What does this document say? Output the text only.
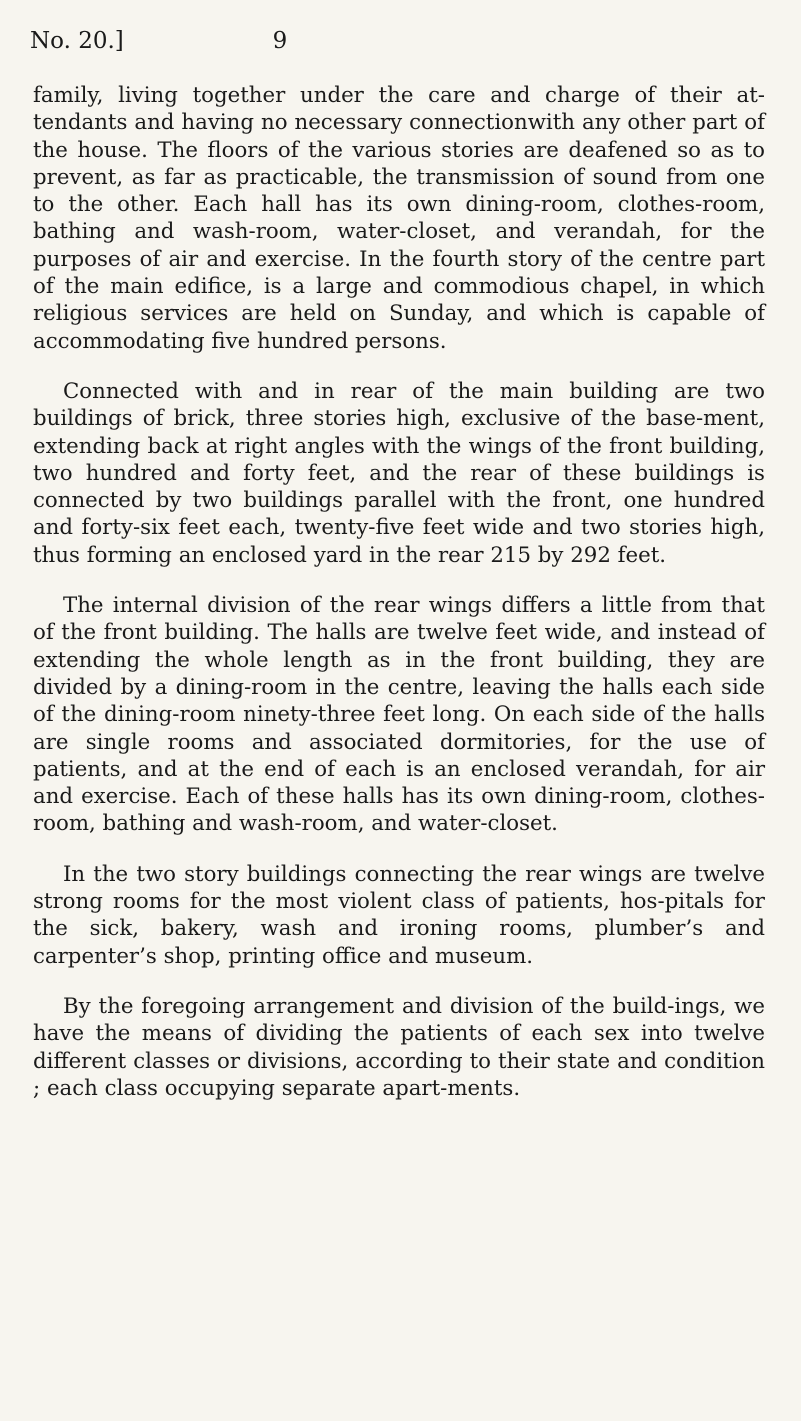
No. 20.]	9

family, living together under the care and charge of their at-tendants and having no necessary connectionwith any other part of the house. The floors of the various stories are deafened so as to prevent, as far as practicable, the transmission of sound from one to the other. Each hall has its own dining-room, clothes-room, bathing and wash-room, water-closet, and verandah, for the purposes of air and exercise. In the fourth story of the centre part of the main edifice, is a large and commodious chapel, in which religious services are held on Sunday, and which is capable of accommodating five hundred persons.

Connected with and in rear of the main building are two buildings of brick, three stories high, exclusive of the base-ment, extending back at right angles with the wings of the front building, two hundred and forty feet, and the rear of these buildings is connected by two buildings parallel with the front, one hundred and forty-six feet each, twenty-five feet wide and two stories high, thus forming an enclosed yard in the rear 215 by 292 feet.

The internal division of the rear wings differs a little from that of the front building. The halls are twelve feet wide, and instead of extending the whole length as in the front building, they are divided by a dining-room in the centre, leaving the halls each side of the dining-room ninety-three feet long. On each side of the halls are single rooms and associated dormitories, for the use of patients, and at the end of each is an enclosed verandah, for air and exercise. Each of these halls has its own dining-room, clothes-room, bathing and wash-room, and water-closet.

In the two story buildings connecting the rear wings are twelve strong rooms for the most violent class of patients, hos-pitals for the sick, bakery, wash and ironing rooms, plumber’s and carpenter’s shop, printing office and museum.

By the foregoing arrangement and division of the build-ings, we have the means of dividing the patients of each sex into twelve different classes or divisions, according to their state and condition ; each class occupying separate apart-ments.
